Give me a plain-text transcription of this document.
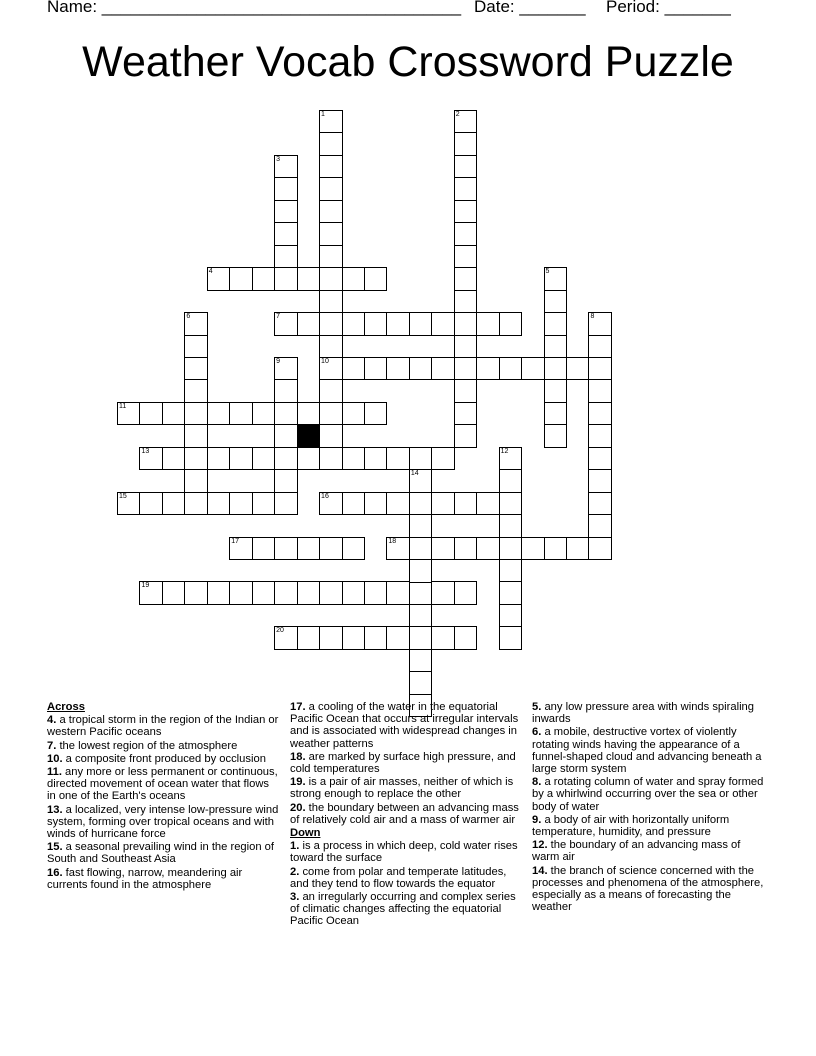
Name: ______________________________________ Date: _______ Period: _______
Weather Vocab Crossword Puzzle
4
7
10
11
13
15	16
17	18
19
20
1	2
3
5
6	8
9
12
14
Across
4. a tropical storm in the region of the Indian or western Pacific oceans
7. the lowest region of the atmosphere
10. a composite front produced by occlusion
11. any more or less permanent or continuous, directed movement of ocean water that flows in one of the Earth's oceans
13. a localized, very intense low-pressure wind system, forming over tropical oceans and with winds of hurricane force
15. a seasonal prevailing wind in the region of South and Southeast Asia
16. fast flowing, narrow, meandering air currents found in the atmosphere
17. a cooling of the water in the equatorial Pacific Ocean that occurs at irregular intervals and is associated with widespread changes in weather patterns
18. are marked by surface high pressure, and cold temperatures
19. is a pair of air masses, neither of which is strong enough to replace the other
20. the boundary between an advancing mass of relatively cold air and a mass of warmer air
Down
1. is a process in which deep, cold water rises toward the surface
2. come from polar and temperate latitudes, and they tend to flow towards the equator
3. an irregularly occurring and complex series of climatic changes affecting the equatorial Pacific Ocean
5. any low pressure area with winds spiraling inwards
6. a mobile, destructive vortex of violently rotating winds having the appearance of a funnel-shaped cloud and advancing beneath a large storm system
8. a rotating column of water and spray formed by a whirlwind occurring over the sea or other body of water
9. a body of air with horizontally uniform temperature, humidity, and pressure
12. the boundary of an advancing mass of warm air
14. the branch of science concerned with the processes and phenomena of the atmosphere, especially as a means of forecasting the weather
